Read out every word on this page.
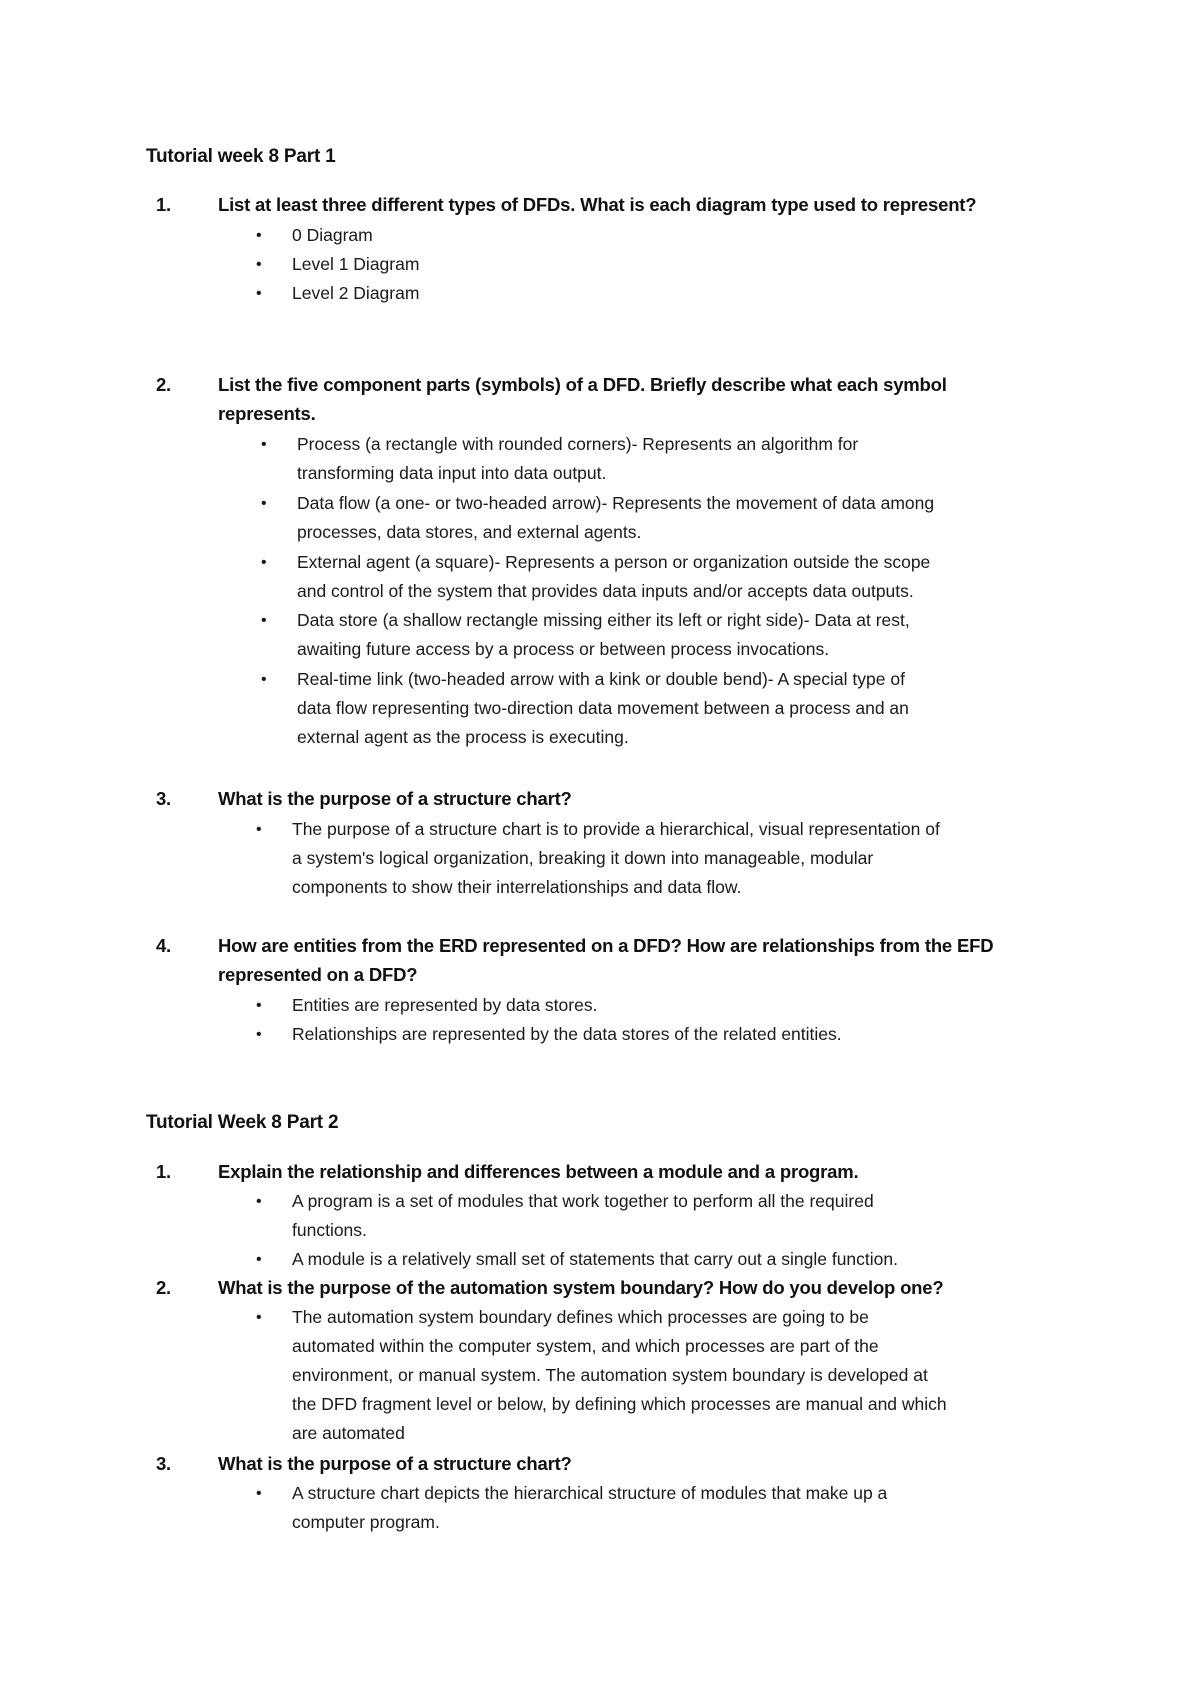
Tutorial week 8 Part 1
1.	List at least three different types of DFDs. What is each diagram type used to represent?
• 0 Diagram
• Level 1 Diagram
• Level 2 Diagram
2.	List the five component parts (symbols) of a DFD. Briefly describe what each symbol
represents.
• Process (a rectangle with rounded corners)- Represents an algorithm for
transforming data input into data output.
• Data flow (a one- or two-headed arrow)- Represents the movement of data among
processes, data stores, and external agents.
• External agent (a square)- Represents a person or organization outside the scope
and control of the system that provides data inputs and/or accepts data outputs.
• Data store (a shallow rectangle missing either its left or right side)- Data at rest,
awaiting future access by a process or between process invocations.
• Real-time link (two-headed arrow with a kink or double bend)- A special type of
data flow representing two-direction data movement between a process and an
external agent as the process is executing.
3.	What is the purpose of a structure chart?
• The purpose of a structure chart is to provide a hierarchical, visual representation of
a system's logical organization, breaking it down into manageable, modular
components to show their interrelationships and data flow.
4.	How are entities from the ERD represented on a DFD? How are relationships from the EFD
represented on a DFD?
• Entities are represented by data stores.
• Relationships are represented by the data stores of the related entities.
Tutorial Week 8 Part 2
1.	Explain the relationship and differences between a module and a program.
• A program is a set of modules that work together to perform all the required
functions.
• A module is a relatively small set of statements that carry out a single function.
2.	What is the purpose of the automation system boundary? How do you develop one?
• The automation system boundary defines which processes are going to be
automated within the computer system, and which processes are part of the
environment, or manual system. The automation system boundary is developed at
the DFD fragment level or below, by defining which processes are manual and which
are automated
3.	What is the purpose of a structure chart?
• A structure chart depicts the hierarchical structure of modules that make up a
computer program.
